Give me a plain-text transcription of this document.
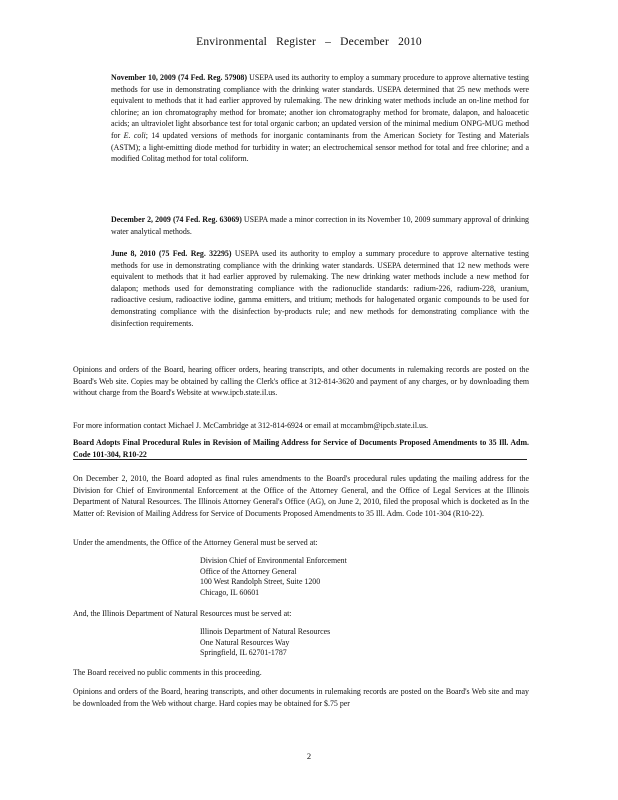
Environmental Register – December 2010

November 10, 2009 (74 Fed. Reg. 57908) USEPA used its authority to employ a summary procedure to approve alternative testing methods for use in demonstrating compliance with the drinking water standards. USEPA determined that 25 new methods were equivalent to methods that it had earlier approved by rulemaking. The new drinking water methods include an on-line method for chlorine; an ion chromatography method for bromate; another ion chromatography method for bromate, dalapon, and haloacetic acids; an ultraviolet light absorbance test for total organic carbon; an updated version of the minimal medium ONPG-MUG method for E. coli; 14 updated versions of methods for inorganic contaminants from the American Society for Testing and Materials (ASTM); a light-emitting diode method for turbidity in water; an electrochemical sensor method for total and free chlorine; and a modified Colitag method for total coliform.

December 2, 2009 (74 Fed. Reg. 63069) USEPA made a minor correction in its November 10, 2009 summary approval of drinking water analytical methods.

June 8, 2010 (75 Fed. Reg. 32295) USEPA used its authority to employ a summary procedure to approve alternative testing methods for use in demonstrating compliance with the drinking water standards. USEPA determined that 12 new methods were equivalent to methods that it had earlier approved by rulemaking. The new drinking water methods include a new method for dalapon; methods used for demonstrating compliance with the radionuclide standards: radium-226, radium-228, uranium, radioactive cesium, radioactive iodine, gamma emitters, and tritium; methods for halogenated organic compounds to be used for demonstrating compliance with the disinfection by-products rule; and new methods for demonstrating compliance with the disinfection requirements.

Opinions and orders of the Board, hearing officer orders, hearing transcripts, and other documents in rulemaking records are posted on the Board's Web site. Copies may be obtained by calling the Clerk's office at 312-814-3620 and payment of any charges, or by downloading them without charge from the Board's Website at www.ipcb.state.il.us.

For more information contact Michael J. McCambridge at 312-814-6924 or email at mccambm@ipcb.state.il.us.

Board Adopts Final Procedural Rules in Revision of Mailing Address for Service of Documents Proposed Amendments to 35 Ill. Adm. Code 101-304, R10-22

On December 2, 2010, the Board adopted as final rules amendments to the Board's procedural rules updating the mailing address for the Division for Chief of Environmental Enforcement at the Office of the Attorney General, and the Office of Legal Services at the Illinois Department of Natural Resources. The Illinois Attorney General's Office (AG), on June 2, 2010, filed the proposal which is docketed as In the Matter of: Revision of Mailing Address for Service of Documents Proposed Amendments to 35 Ill. Adm. Code 101-304 (R10-22).

Under the amendments, the Office of the Attorney General must be served at:

Division Chief of Environmental Enforcement
Office of the Attorney General
100 West Randolph Street, Suite 1200
Chicago, IL 60601

And, the Illinois Department of Natural Resources must be served at:

Illinois Department of Natural Resources
One Natural Resources Way
Springfield, IL 62701-1787

The Board received no public comments in this proceeding.

Opinions and orders of the Board, hearing transcripts, and other documents in rulemaking records are posted on the Board's Web site and may be downloaded from the Web without charge. Hard copies may be obtained for $.75 per

2
